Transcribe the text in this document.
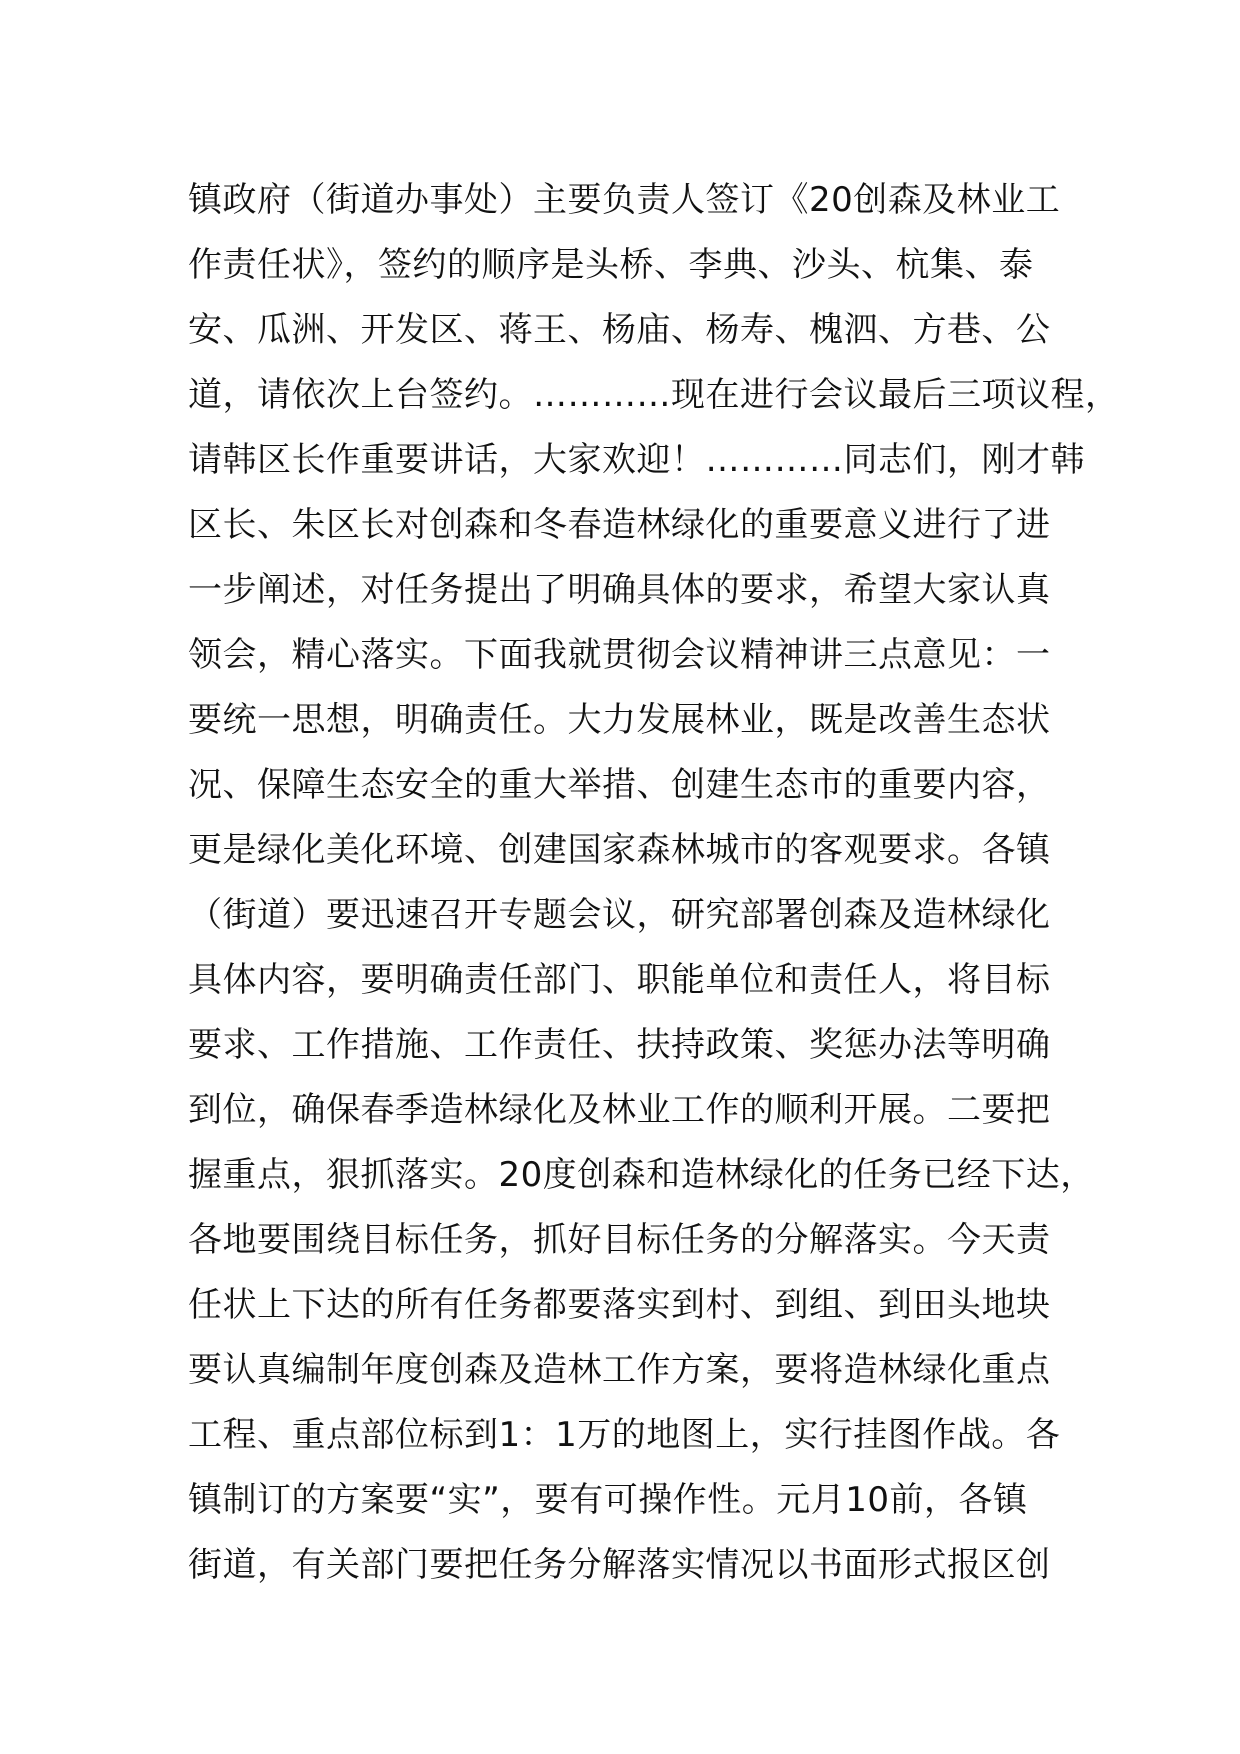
镇政府（街道办事处）主要负责人签订《20创森及林业工
作责任状》，签约的顺序是头桥、李典、沙头、杭集、泰
安、瓜洲、开发区、蒋王、杨庙、杨寿、槐泗、方巷、公
道，请依次上台签约。…………现在进行会议最后三项议程，
请韩区长作重要讲话，大家欢迎！…………同志们，刚才韩
区长、朱区长对创森和冬春造林绿化的重要意义进行了进
一步阐述，对任务提出了明确具体的要求，希望大家认真
领会，精心落实。下面我就贯彻会议精神讲三点意见：一
要统一思想，明确责任。大力发展林业，既是改善生态状
况、保障生态安全的重大举措、创建生态市的重要内容，
更是绿化美化环境、创建国家森林城市的客观要求。各镇
（街道）要迅速召开专题会议，研究部署创森及造林绿化
具体内容，要明确责任部门、职能单位和责任人，将目标
要求、工作措施、工作责任、扶持政策、奖惩办法等明确
到位，确保春季造林绿化及林业工作的顺利开展。二要把
握重点，狠抓落实。20度创森和造林绿化的任务已经下达，
各地要围绕目标任务，抓好目标任务的分解落实。今天责
任状上下达的所有任务都要落实到村、到组、到田头地块
要认真编制年度创森及造林工作方案，要将造林绿化重点
工程、重点部位标到1：1万的地图上，实行挂图作战。各
镇制订的方案要“实”，要有可操作性。元月10前，各镇
街道，有关部门要把任务分解落实情况以书面形式报区创
